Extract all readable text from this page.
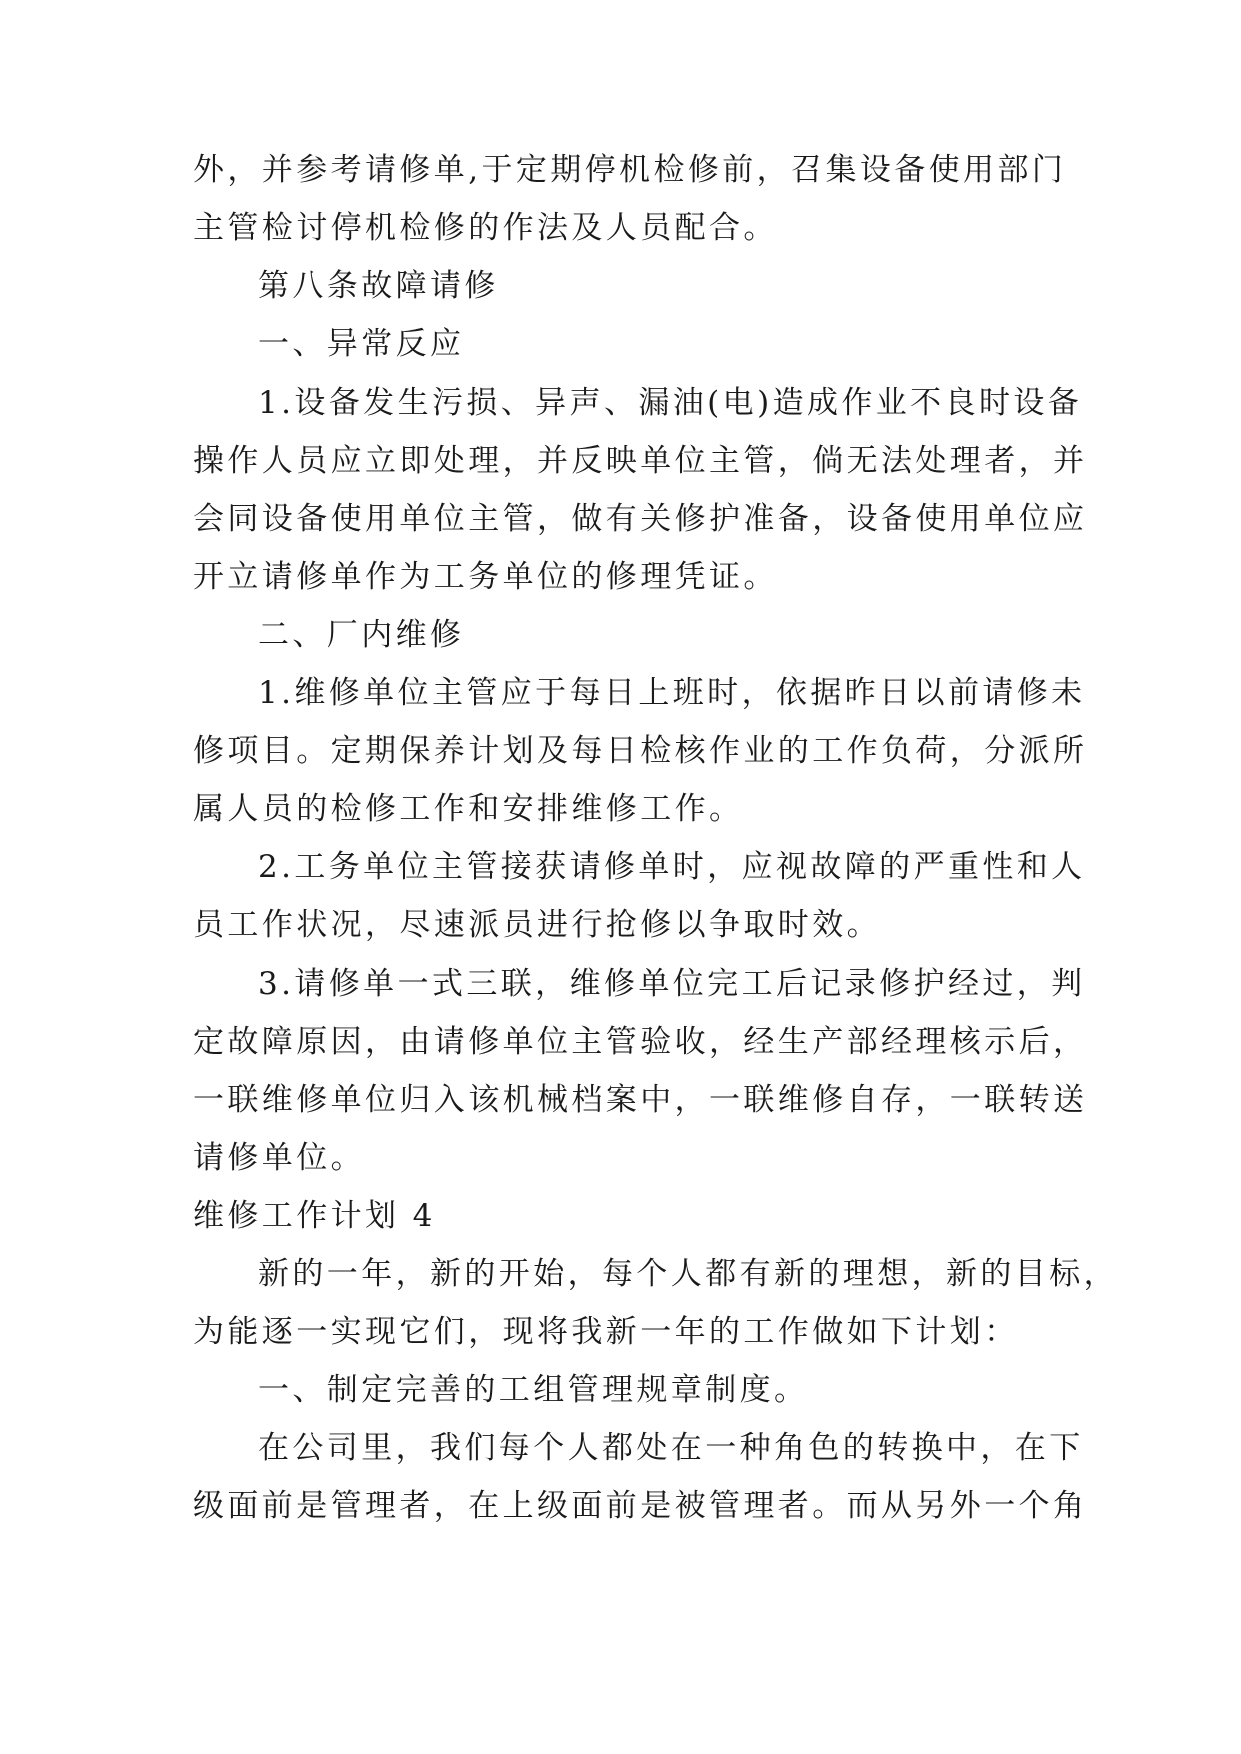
外，并参考请修单,于定期停机检修前，召集设备使用部门
主管检讨停机检修的作法及人员配合。
第八条故障请修
一、异常反应
1.设备发生污损、异声、漏油(电)造成作业不良时设备
操作人员应立即处理，并反映单位主管，倘无法处理者，并
会同设备使用单位主管，做有关修护准备，设备使用单位应
开立请修单作为工务单位的修理凭证。
二、厂内维修
1.维修单位主管应于每日上班时，依据昨日以前请修未
修项目。定期保养计划及每日检核作业的工作负荷，分派所
属人员的检修工作和安排维修工作。
2.工务单位主管接获请修单时，应视故障的严重性和人
员工作状况，尽速派员进行抢修以争取时效。
3.请修单一式三联，维修单位完工后记录修护经过，判
定故障原因，由请修单位主管验收，经生产部经理核示后，
一联维修单位归入该机械档案中，一联维修自存，一联转送
请修单位。
维修工作计划 4
新的一年，新的开始，每个人都有新的理想，新的目标，
为能逐一实现它们，现将我新一年的工作做如下计划：
一、制定完善的工组管理规章制度。
在公司里，我们每个人都处在一种角色的转换中，在下
级面前是管理者，在上级面前是被管理者。而从另外一个角
